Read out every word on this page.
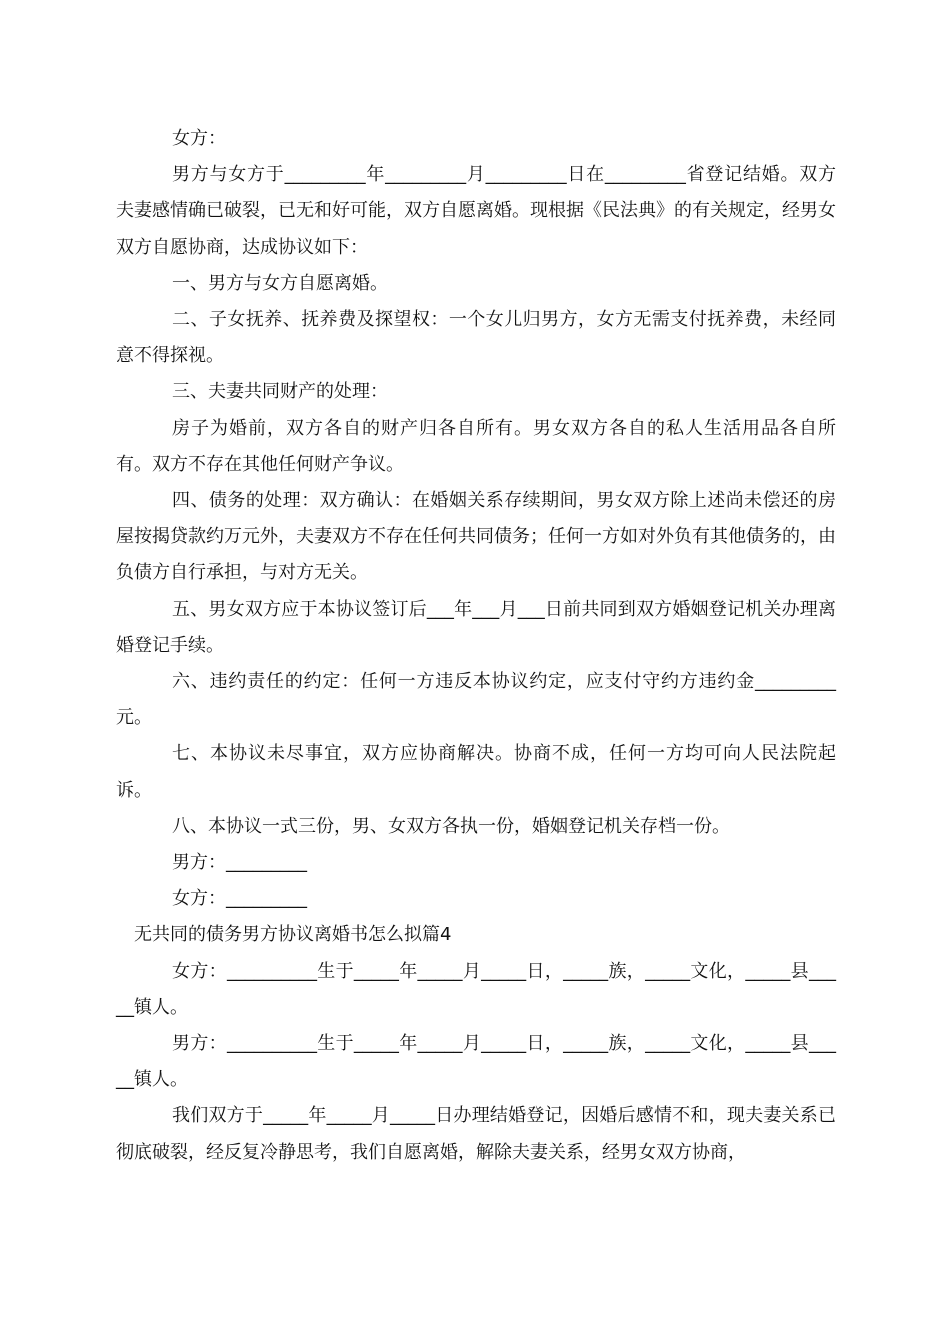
女方：

男方与女方于_________年_________月_________日在_________省登记结婚。双方夫妻感情确已破裂，已无和好可能，双方自愿离婚。现根据《民法典》的有关规定，经男女双方自愿协商，达成协议如下：

一、男方与女方自愿离婚。

二、子女抚养、抚养费及探望权：一个女儿归男方，女方无需支付抚养费，未经同意不得探视。

三、夫妻共同财产的处理：

房子为婚前，双方各自的财产归各自所有。男女双方各自的私人生活用品各自所有。双方不存在其他任何财产争议。

四、债务的处理：双方确认：在婚姻关系存续期间，男女双方除上述尚未偿还的房屋按揭贷款约万元外，夫妻双方不存在任何共同债务；任何一方如对外负有其他债务的，由负债方自行承担，与对方无关。

五、男女双方应于本协议签订后___年___月___日前共同到双方婚姻登记机关办理离婚登记手续。

六、违约责任的约定：任何一方违反本协议约定，应支付守约方违约金_________元。

七、本协议未尽事宜，双方应协商解决。协商不成，任何一方均可向人民法院起诉。

八、本协议一式三份，男、女双方各执一份，婚姻登记机关存档一份。

男方：_________

女方：_________

无共同的债务男方协议离婚书怎么拟篇4

女方：__________生于_____年_____月_____日，_____族，_____文化，_____县_____镇人。

男方：__________生于_____年_____月_____日，_____族，_____文化，_____县_____镇人。

我们双方于_____年_____月_____日办理结婚登记，因婚后感情不和，现夫妻关系已彻底破裂，经反复冷静思考，我们自愿离婚，解除夫妻关系，经男女双方协商，
